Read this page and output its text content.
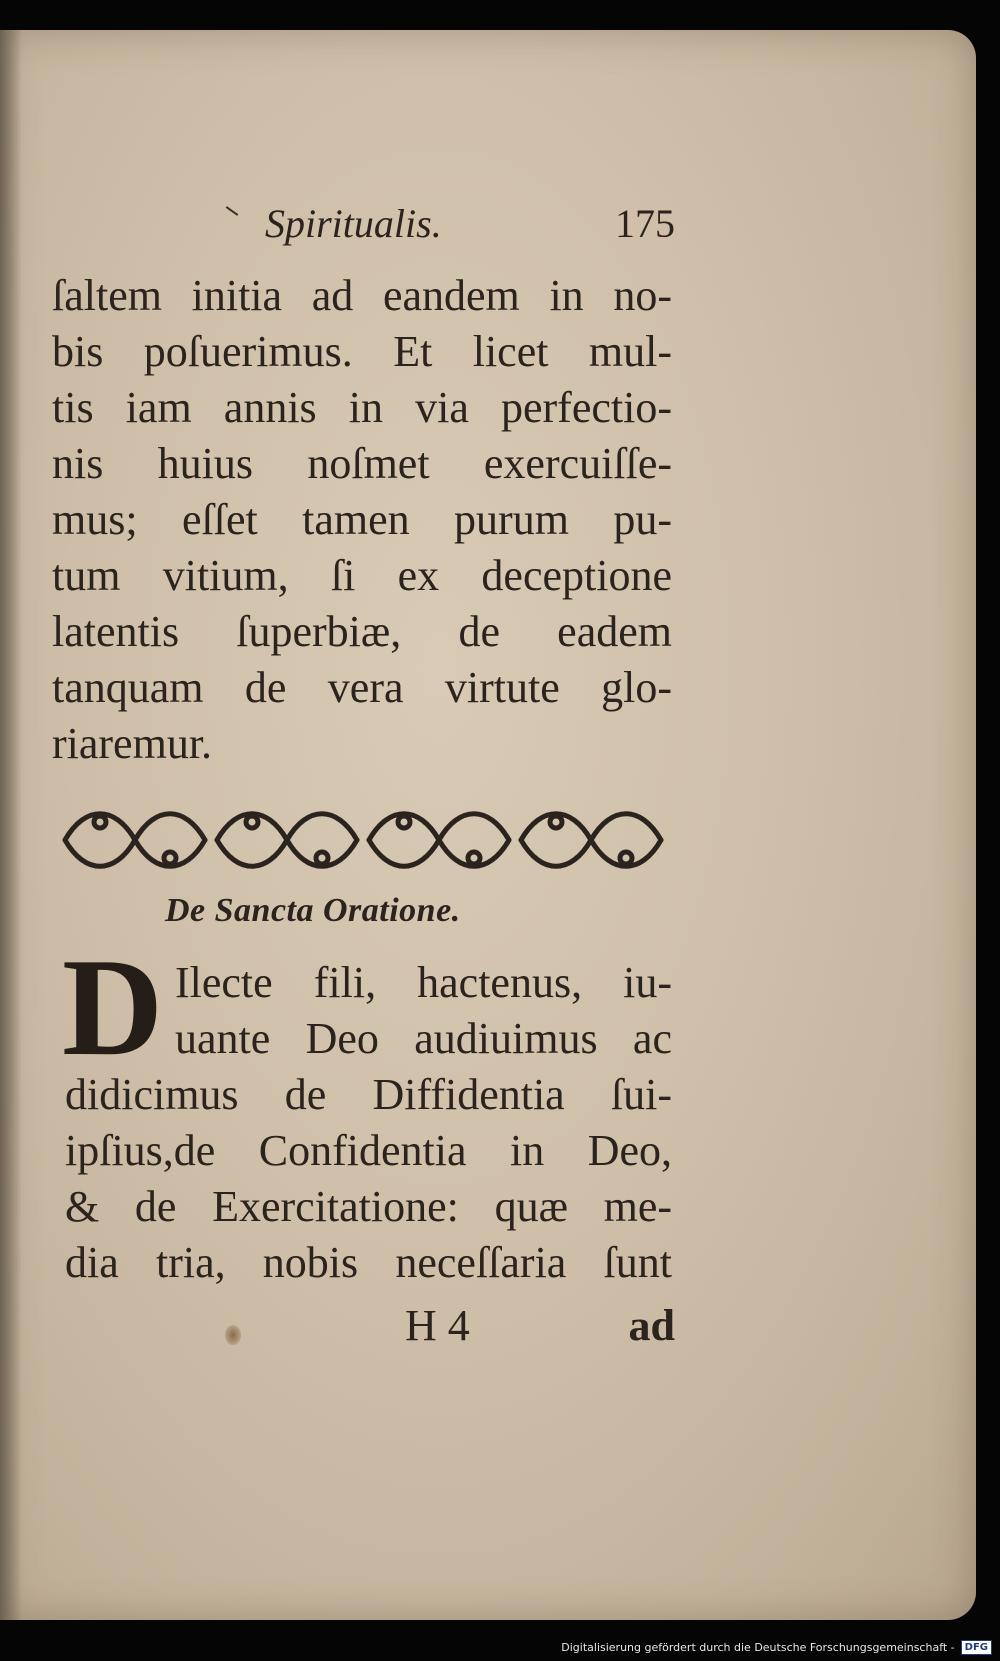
Spiritualis.	175
ſaltem initia ad eandem in no-
bis poſuerimus. Et licet mul-
tis iam annis in via perfectio-
nis huius noſmet exercuiſſe-
mus; eſſet tamen purum pu-
tum vitium, ſi ex deceptione
latentis ſuperbiæ, de eadem
tanquam de vera virtute glo-
riaremur.
De Sancta Oratione.
D Ilecte fili, hactenus, iu-
uante Deo audiuimus ac
didicimus de Diffidentia ſui-
ipſius,de Confidentia in Deo,
& de Exercitatione: quæ me-
dia tria, nobis neceſſaria ſunt
H 4	ad
Digitalisierung gefördert durch die Deutsche Forschungsgemeinschaft -	DFG
